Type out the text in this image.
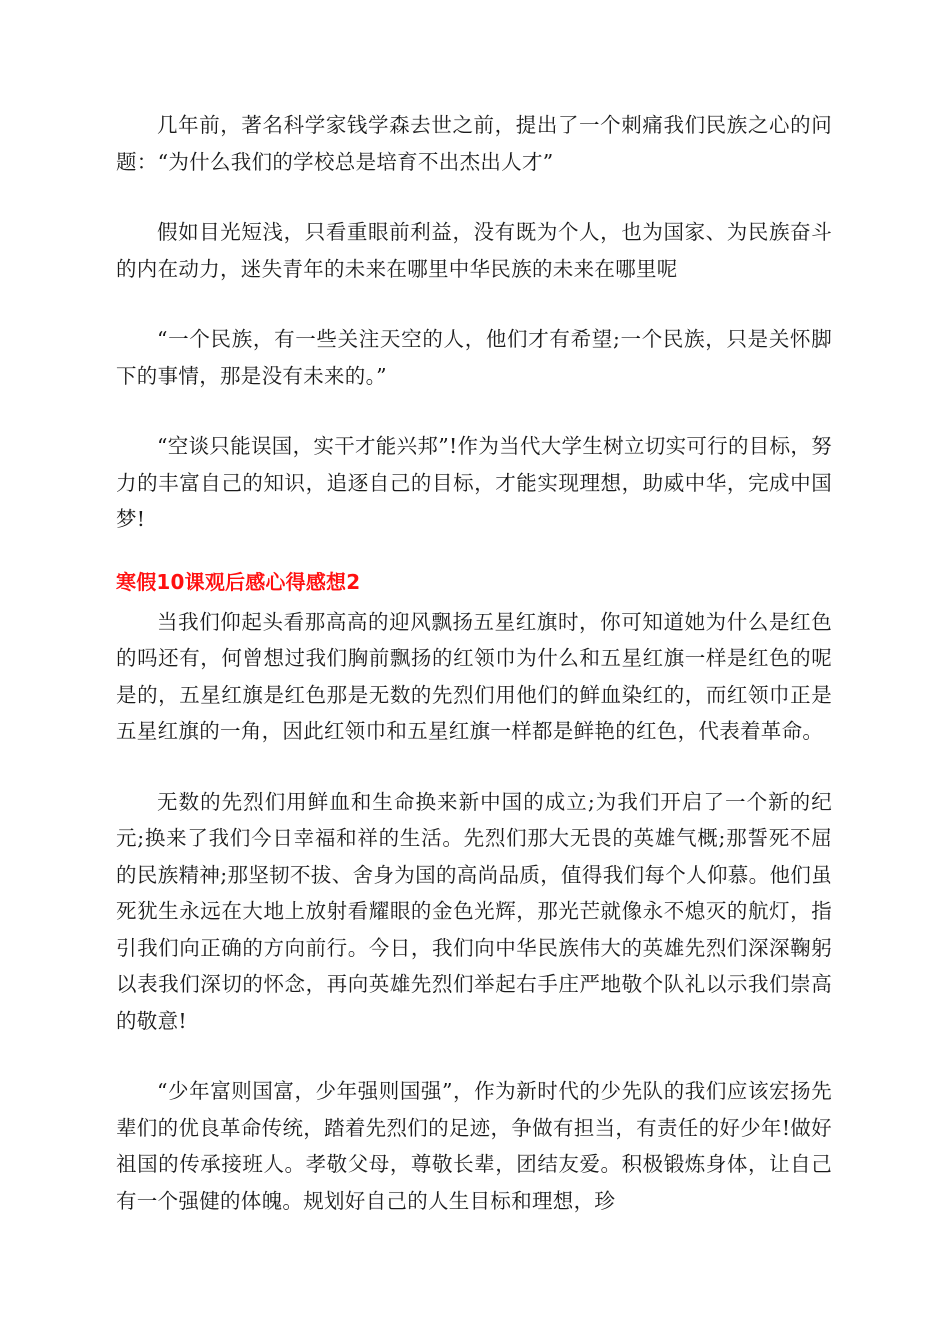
几年前，著名科学家钱学森去世之前，提出了一个刺痛我们民族之心的问题：“为什么我们的学校总是培育不出杰出人才”

假如目光短浅，只看重眼前利益，没有既为个人，也为国家、为民族奋斗的内在动力，迷失青年的未来在哪里中华民族的未来在哪里呢

“一个民族，有一些关注天空的人，他们才有希望;一个民族，只是关怀脚下的事情，那是没有未来的。”

“空谈只能误国，实干才能兴邦”!作为当代大学生树立切实可行的目标，努力的丰富自己的知识，追逐自己的目标，才能实现理想，助威中华，完成中国梦!

寒假10课观后感心得感想2

当我们仰起头看那高高的迎风飘扬五星红旗时，你可知道她为什么是红色的吗还有，何曾想过我们胸前飘扬的红领巾为什么和五星红旗一样是红色的呢是的，五星红旗是红色那是无数的先烈们用他们的鲜血染红的，而红领巾正是五星红旗的一角，因此红领巾和五星红旗一样都是鲜艳的红色，代表着革命。

无数的先烈们用鲜血和生命换来新中国的成立;为我们开启了一个新的纪元;换来了我们今日幸福和祥的生活。先烈们那大无畏的英雄气概;那誓死不屈的民族精神;那坚韧不拔、舍身为国的高尚品质，值得我们每个人仰慕。他们虽死犹生永远在大地上放射看耀眼的金色光辉，那光芒就像永不熄灭的航灯，指引我们向正确的方向前行。今日，我们向中华民族伟大的英雄先烈们深深鞠躬以表我们深切的怀念，再向英雄先烈们举起右手庄严地敬个队礼以示我们崇高的敬意!

“少年富则国富，少年强则国强”，作为新时代的少先队的我们应该宏扬先辈们的优良革命传统，踏着先烈们的足迹，争做有担当，有责任的好少年!做好祖国的传承接班人。孝敬父母，尊敬长辈，团结友爱。积极锻炼身体，让自己有一个强健的体魄。规划好自己的人生目标和理想，珍
